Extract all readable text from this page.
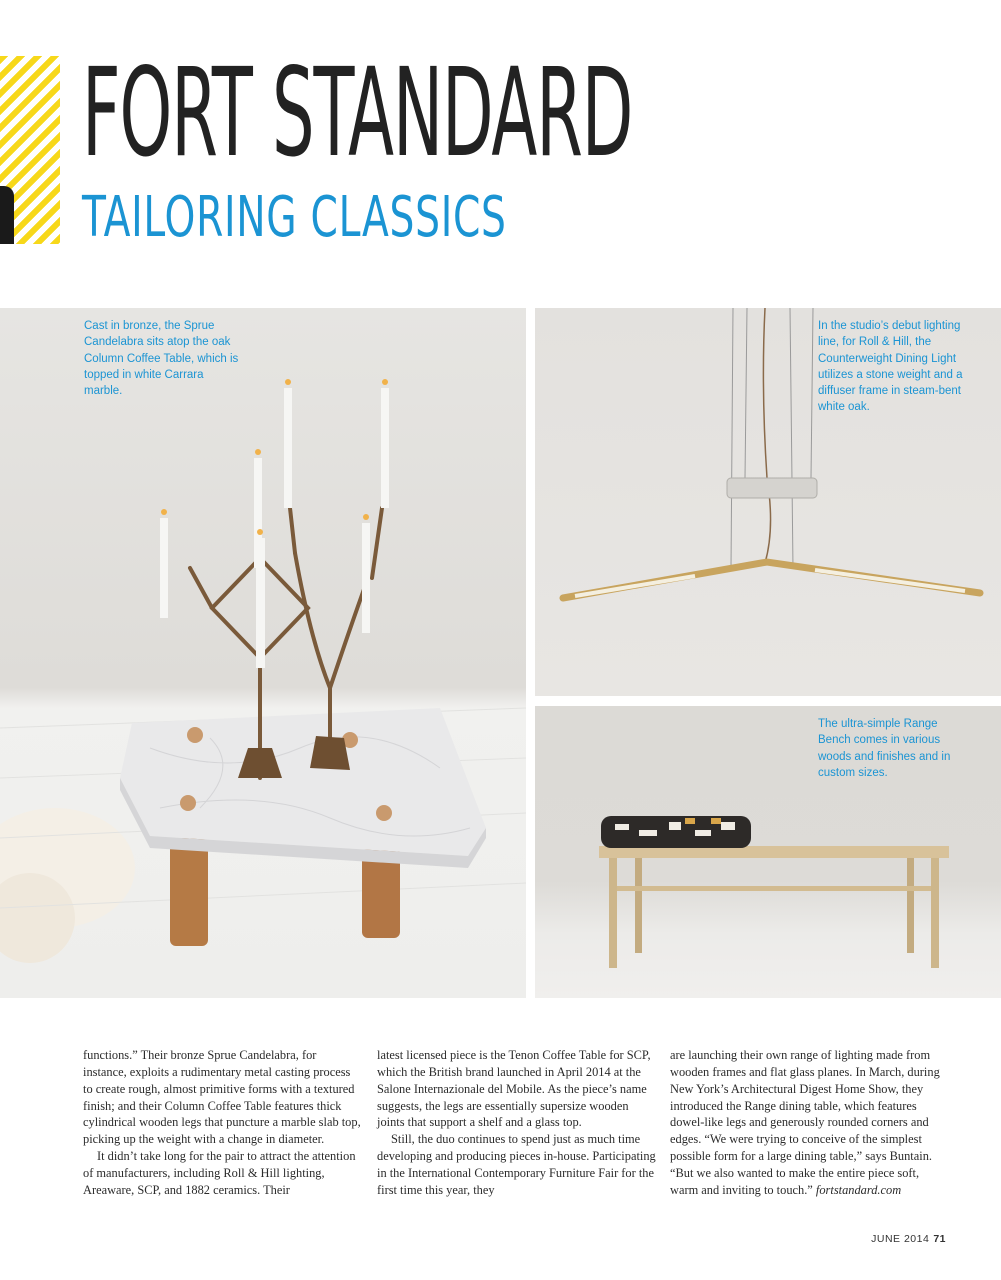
FORT STANDARD
TAILORING CLASSICS

Cast in bronze, the Sprue Candelabra sits atop the oak Column Coffee Table, which is topped in white Carrara marble.

In the studio’s debut lighting line, for Roll & Hill, the Counterweight Dining Light utilizes a stone weight and a diffuser frame in steam-bent white oak.

The ultra-simple Range Bench comes in various woods and finishes and in custom sizes.

functions.” Their bronze Sprue Candelabra, for instance, exploits a rudimentary metal casting process to create rough, almost primitive forms with a textured finish; and their Column Coffee Table features thick cylindrical wooden legs that puncture a marble slab top, picking up the weight with a change in diameter.

It didn’t take long for the pair to attract the attention of manufacturers, including Roll & Hill lighting, Areaware, SCP, and 1882 ceramics. Their

latest licensed piece is the Tenon Coffee Table for SCP, which the British brand launched in April 2014 at the Salone Internazionale del Mobile. As the piece’s name suggests, the legs are essentially supersize wooden joints that support a shelf and a glass top.

Still, the duo continues to spend just as much time developing and producing pieces in-house. Participating in the International Contemporary Furniture Fair for the first time this year, they

are launching their own range of lighting made from wooden frames and flat glass planes. In March, during New York’s Architectural Digest Home Show, they introduced the Range dining table, which features dowel-like legs and generously rounded corners and edges. “We were trying to conceive of the simplest possible form for a large dining table,” says Buntain. “But we also wanted to make the entire piece soft, warm and inviting to touch.” fortstandard.com

JUNE 2014 71
